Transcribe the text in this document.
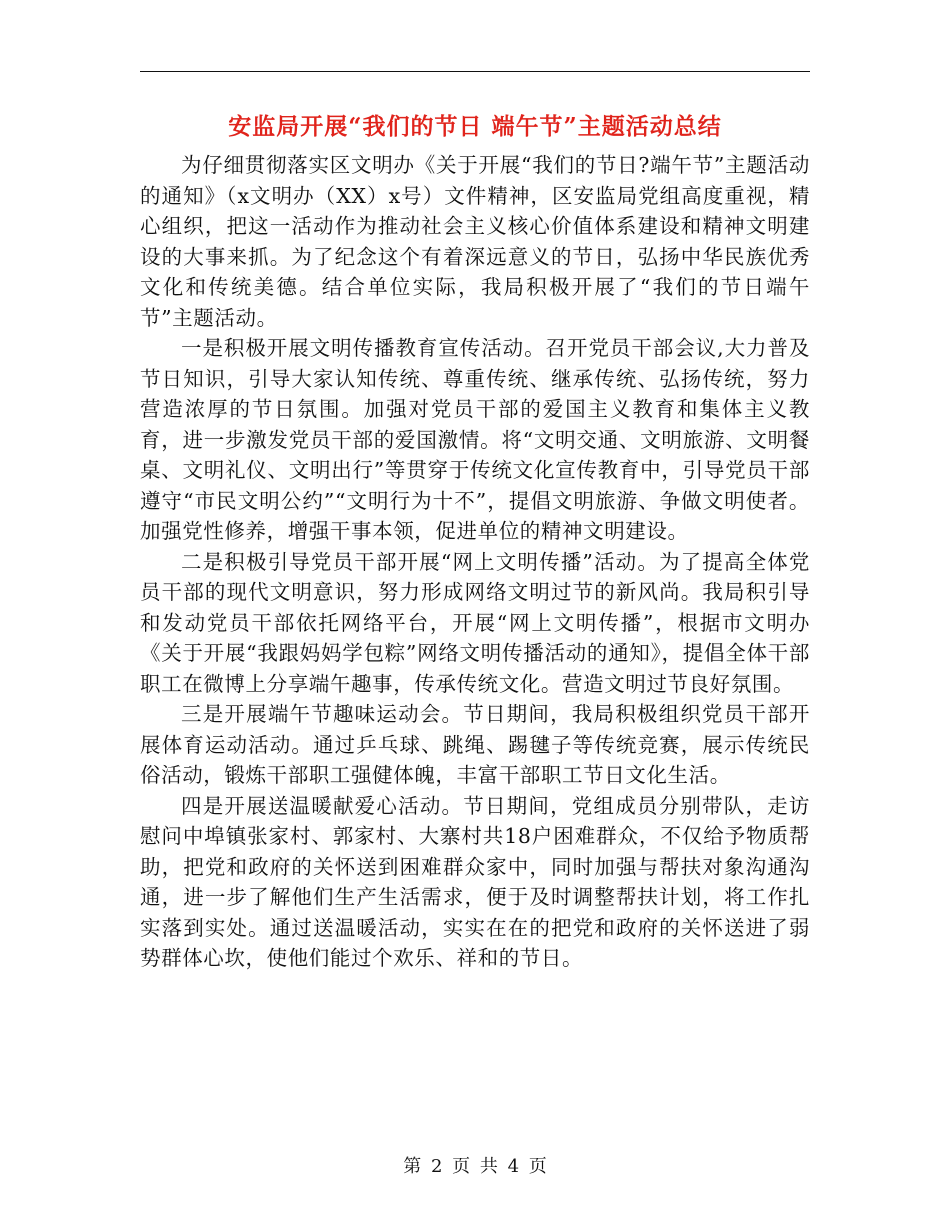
安监局开展“我们的节日 端午节”主题活动总结

为仔细贯彻落实区文明办《关于开展“我们的节日?端午节”主题活动的通知》（x文明办（XX）x号）文件精神，区安监局党组高度重视，精心组织，把这一活动作为推动社会主义核心价值体系建设和精神文明建设的大事来抓。为了纪念这个有着深远意义的节日，弘扬中华民族优秀文化和传统美德。结合单位实际，我局积极开展了“我们的节日端午节”主题活动。

一是积极开展文明传播教育宣传活动。召开党员干部会议,大力普及节日知识，引导大家认知传统、尊重传统、继承传统、弘扬传统，努力营造浓厚的节日氛围。加强对党员干部的爱国主义教育和集体主义教育，进一步激发党员干部的爱国激情。将“文明交通、文明旅游、文明餐桌、文明礼仪、文明出行”等贯穿于传统文化宣传教育中，引导党员干部遵守“市民文明公约”“文明行为十不”，提倡文明旅游、争做文明使者。加强党性修养，增强干事本领，促进单位的精神文明建设。

二是积极引导党员干部开展“网上文明传播”活动。为了提高全体党员干部的现代文明意识，努力形成网络文明过节的新风尚。我局积引导和发动党员干部依托网络平台，开展“网上文明传播”，根据市文明办《关于开展“我跟妈妈学包粽”网络文明传播活动的通知》，提倡全体干部职工在微博上分享端午趣事，传承传统文化。营造文明过节良好氛围。

三是开展端午节趣味运动会。节日期间，我局积极组织党员干部开展体育运动活动。通过乒乓球、跳绳、踢毽子等传统竞赛，展示传统民俗活动，锻炼干部职工强健体魄，丰富干部职工节日文化生活。

四是开展送温暖献爱心活动。节日期间，党组成员分别带队，走访慰问中埠镇张家村、郭家村、大寨村共18户困难群众，不仅给予物质帮助，把党和政府的关怀送到困难群众家中，同时加强与帮扶对象沟通沟通，进一步了解他们生产生活需求，便于及时调整帮扶计划，将工作扎实落到实处。通过送温暖活动，实实在在的把党和政府的关怀送进了弱势群体心坎，使他们能过个欢乐、祥和的节日。

第 2 页 共 4 页
